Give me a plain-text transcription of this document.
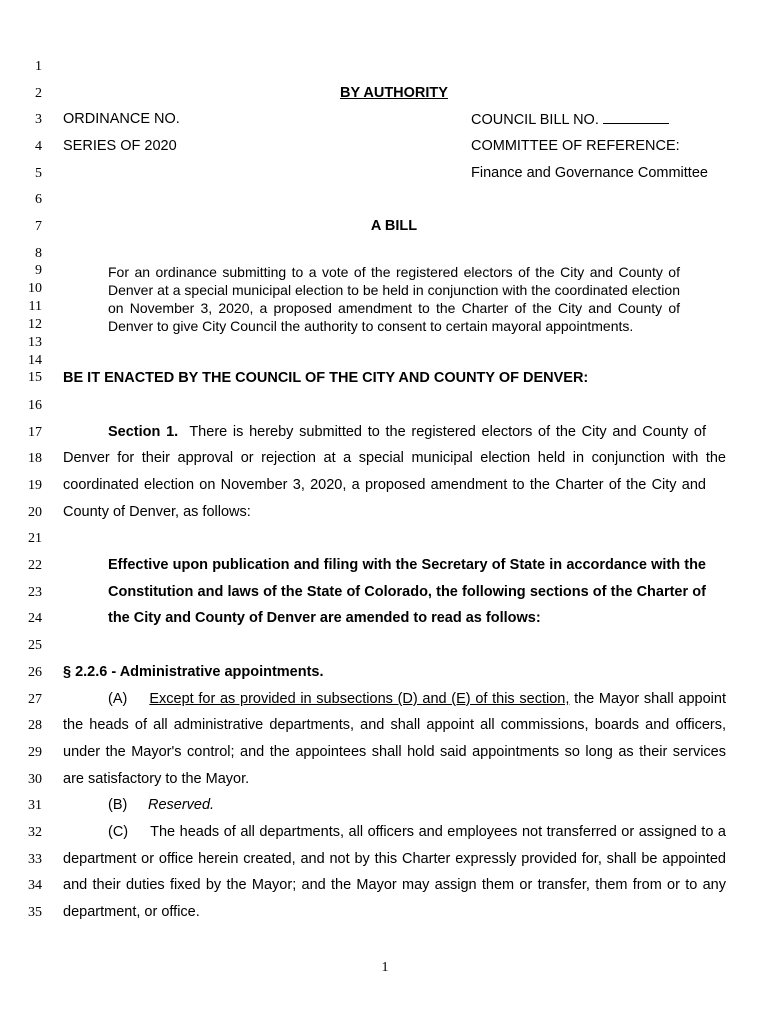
1
2
3
4
5
6
7
8
9
10
11
12
13
14
15
16
17
18
19
20
21
22
23
24
25
26
27
28
29
30
31
32
33
34
35
BY AUTHORITY
ORDINANCE NO.	COUNCIL BILL NO.
SERIES OF 2020	COMMITTEE OF REFERENCE:
Finance and Governance Committee
A BILL
For an ordinance submitting to a vote of the registered electors of the City and County of Denver at a special municipal election to be held in conjunction with the coordinated election on November 3, 2020, a proposed amendment to the Charter of the City and County of Denver to give City Council the authority to consent to certain mayoral appointments.
BE IT ENACTED BY THE COUNCIL OF THE CITY AND COUNTY OF DENVER:
Section 1. There is hereby submitted to the registered electors of the City and County of
Denver for their approval or rejection at a special municipal election held in conjunction with the
coordinated election on November 3, 2020, a proposed amendment to the Charter of the City and
County of Denver, as follows:
Effective upon publication and filing with the Secretary of State in accordance with the
Constitution and laws of the State of Colorado, the following sections of the Charter of
the City and County of Denver are amended to read as follows:
§ 2.2.6 - Administrative appointments.
(A) Except for as provided in subsections (D) and (E) of this section, the Mayor shall appoint
the heads of all administrative departments, and shall appoint all commissions, boards and officers,
under the Mayor's control; and the appointees shall hold said appointments so long as their services
are satisfactory to the Mayor.
(B) Reserved.
(C) The heads of all departments, all officers and employees not transferred or assigned to a
department or office herein created, and not by this Charter expressly provided for, shall be appointed
and their duties fixed by the Mayor; and the Mayor may assign them or transfer, them from or to any
department, or office.
1
